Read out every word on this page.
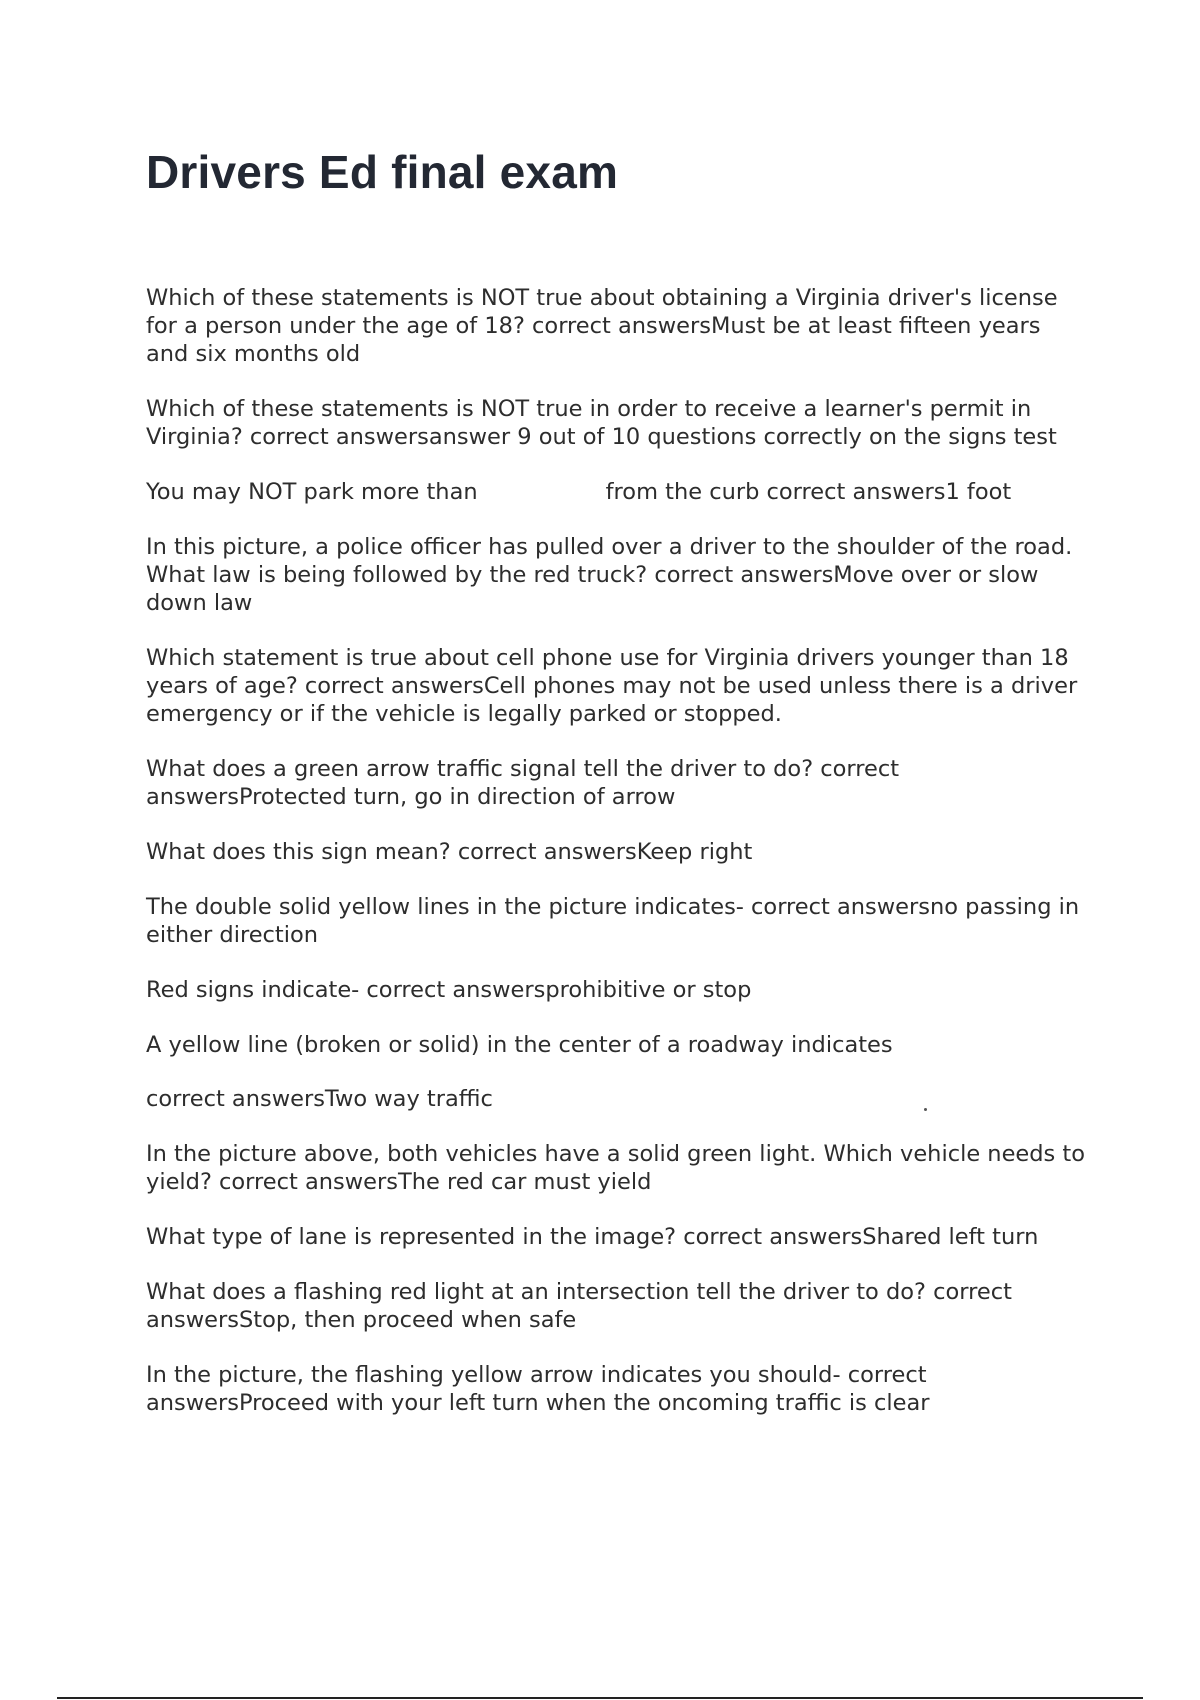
Drivers Ed final exam

Which of these statements is NOT true about obtaining a Virginia driver's license for a person under the age of 18? correct answersMust be at least fifteen years and six months old

Which of these statements is NOT true in order to receive a learner's permit in Virginia? correct answersanswer 9 out of 10 questions correctly on the signs test

You may NOT park more than	from the curb correct answers1 foot

In this picture, a police officer has pulled over a driver to the shoulder of the road. What law is being followed by the red truck? correct answersMove over or slow down law

Which statement is true about cell phone use for Virginia drivers younger than 18 years of age? correct answersCell phones may not be used unless there is a driver emergency or if the vehicle is legally parked or stopped.

What does a green arrow traffic signal tell the driver to do? correct answersProtected turn, go in direction of arrow

What does this sign mean? correct answersKeep right

The double solid yellow lines in the picture indicates- correct answersno passing in either direction

Red signs indicate- correct answersprohibitive or stop

A yellow line (broken or solid) in the center of a roadway indicates

correct answersTwo way traffic

In the picture above, both vehicles have a solid green light. Which vehicle needs to yield? correct answersThe red car must yield

What type of lane is represented in the image? correct answersShared left turn

What does a flashing red light at an intersection tell the driver to do? correct answersStop, then proceed when safe

In the picture, the flashing yellow arrow indicates you should- correct answersProceed with your left turn when the oncoming traffic is clear
